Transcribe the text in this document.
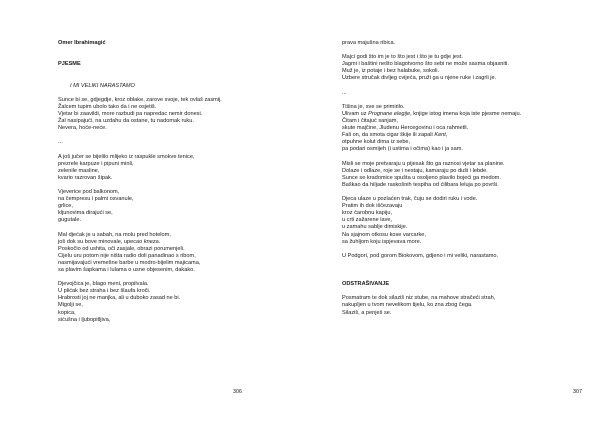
Omer Ibrahimagić
PJESME
I MI VELIKI NARASTAMO
Sunce bi se, gdjegdje, kroz oblake, zarove svoje, tek ovlaš zasmij.
Žalcem tupim ubolo tako da i ne osjetiš.
Vjetar bi zaavildi, more razbudi pa napredac nemir donesi.
Žal nasipajući, na uzdahu da ostane, tu nadomak ruku.
Nevera, hoće-neće.
...
A još jučer se bijelilo mlijeko iz raspukle smokve tenice,
prezrele karpuze i pipuni minli,
zelenile masline,
kvario razrovan šipak.
Vjeverice pod balkonom,
na čempresu i palmi osvanule,
grlice,
kljunovima dirajući se,
gugutale.
Mal djećak je u sabah, na molu pred hotelom,
još dok su bove minovale, upecao kneza.
Poskočio od ushita, oči zasjale, obrazi porumenjeli.
Cijelu uru potom nije ništa radio doli panadinao s ribom,
nasmijavajući vremešne barbe u modro-bijelim majicama,
sa plavim šapkama i lulama o usne objesenim, dakako.
Djevojčica je, blago meni, propilvala.
U plićak bez straha i bez šlaufa kroči.
Hrabrosti joj ne manjka, ali u duboko zasad ne bi.
Migolji se,
kopica,
sićušna i ljubopitljiva,
306
prava majušna ribica.
Majci godi što im je to što jest i što je tu gdje jest.
Jagmi i baštini nešto blagotvorno što sebi ne može sasma objasniti.
Muž je, iz potaje i bez halabuke, sokoli.
Uzbere stručak divljeg cvijeća, pruži ga u njene ruke i zagrli je.
...
Tišina je, sve se primirilo.
Ulivam uz Prognane elegije, knjige istog imena koja iste pjesme nemaju.
Čitam i čitajuć sanjam,
skute majčine, Jludenu Hercegovinu i oca rahmetli.
Fali on, da smota cigar škije ili zapali Kent,
otpuhne kolut dima iz sebe,
pa podari osmijeh (i ustima i očima) kao i ja sam.
Misli se moje pretvaraju u pijesak što ga raznosi vjetar sa planine.
Dolaze i odlaze, roje se i nestaju, kamaraju po duši i lebde.
Sunce se kradomice spušta u osoljeno plavilo bojeći ga medom.
Baškao da hiljade raskošnih tespiha od ćilibara leluja po površi.
Djeca ulaze u pozlaćen trak, čuju se dodiri ruku i vode.
Pratim ih dok iščezavaju
kroz čarobnu kapiju,
u crti zažarene lave,
u zamahu sablje dimiskije.
Na sjajnom otkosu kose varcarke,
sa žuhljom koju ispjevava more.
U Podgori, pod gorom Biokovom, gdjeno i mi veliki, narastamo.
ODSTRAŠIVANJE
Posmatram te dok silaziš niz stube, na mahove stračeći strah,
nakupljen u tvom nevelikom tijelu, ko zna zbog čega.
Silaziš, a penješ se.
307
